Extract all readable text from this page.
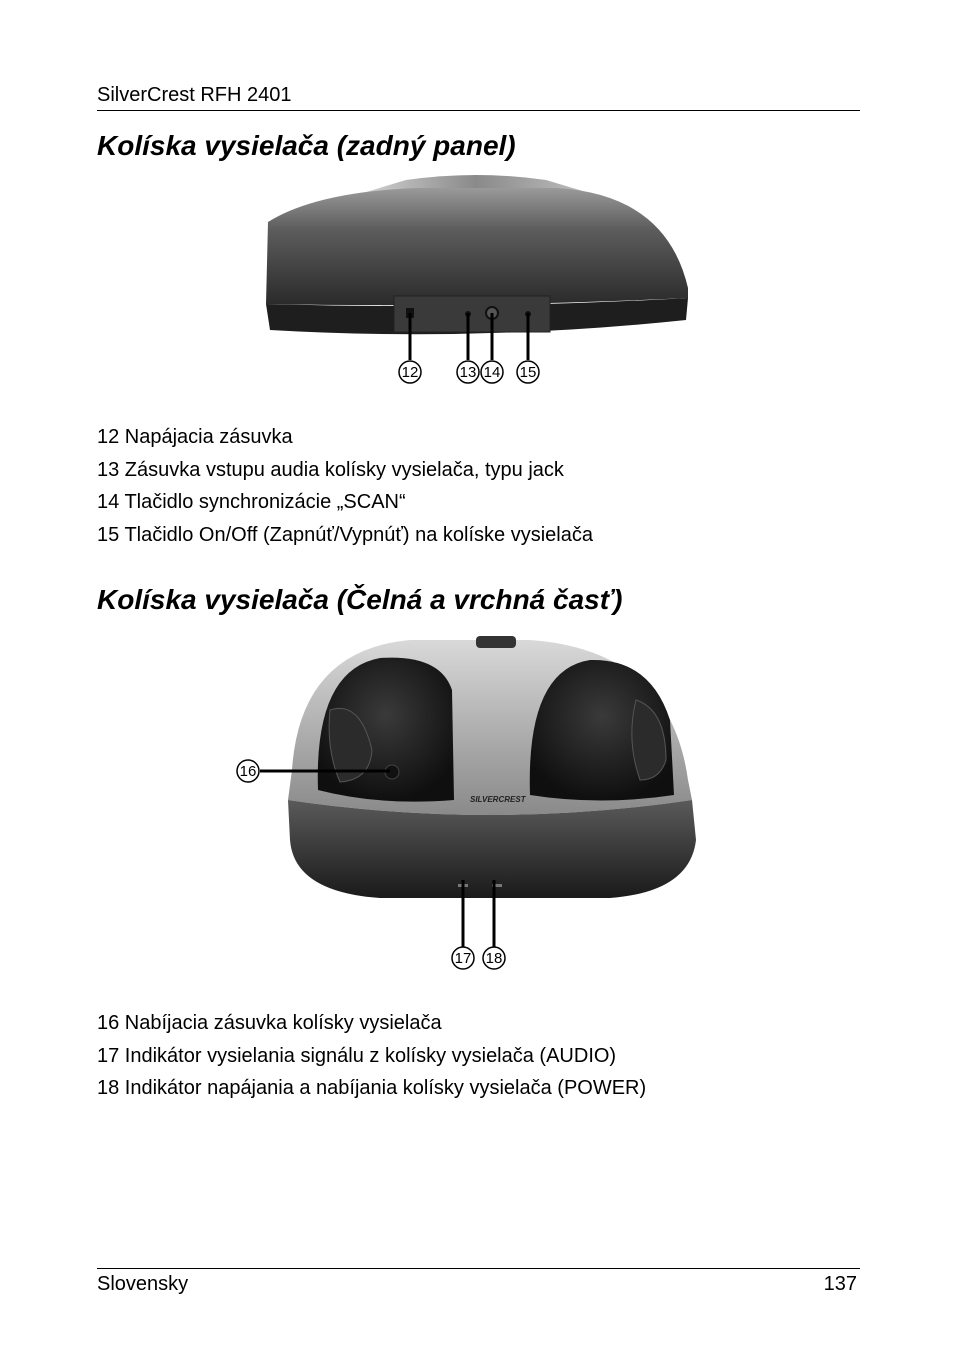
SilverCrest RFH 2401
Kolíska vysielača (zadný panel)
12	13 14 15
12 Napájacia zásuvka
13 Zásuvka vstupu audia kolísky vysielača, typu jack
14 Tlačidlo synchronizácie „SCAN“
15 Tlačidlo On/Off (Zapnúť/Vypnúť) na kolíske vysielača
Kolíska vysielača (Čelná a vrchná časť)
SILVERCREST
16
17 18
16 Nabíjacia zásuvka kolísky vysielača
17 Indikátor vysielania signálu z kolísky vysielača (AUDIO)
18 Indikátor napájania a nabíjania kolísky vysielača (POWER)
Slovensky	137
